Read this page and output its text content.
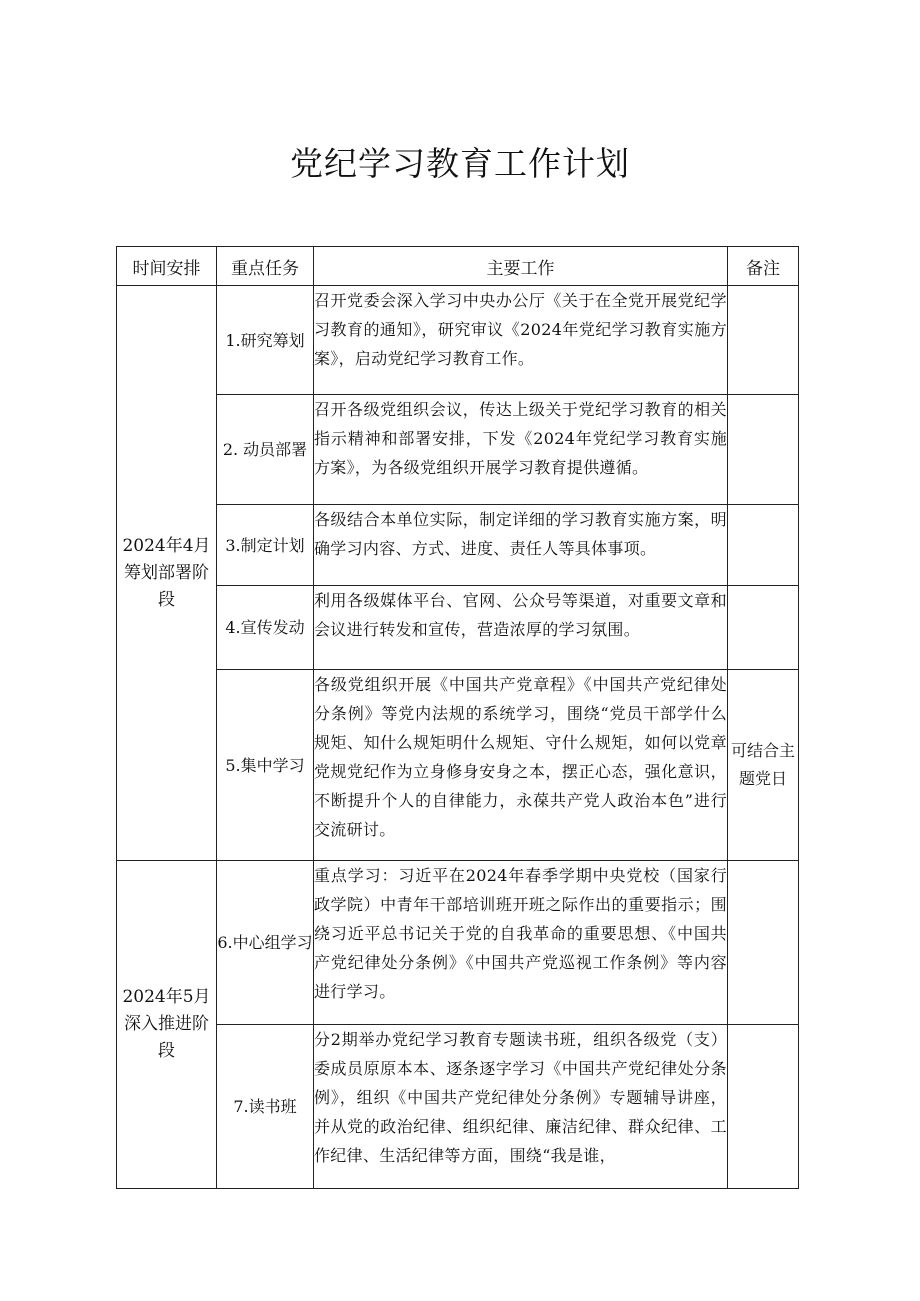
党纪学习教育工作计划
时间安排	重点任务	主要工作	备注
2024年4月筹划部署阶段	1.研究筹划	召开党委会深入学习中央办公厅《关于在全党开展党纪学习教育的通知》，研究审议《2024年党纪学习教育实施方案》，启动党纪学习教育工作。	
	2. 动员部署	召开各级党组织会议，传达上级关于党纪学习教育的相关指示精神和部署安排，下发《2024年党纪学习教育实施方案》，为各级党组织开展学习教育提供遵循。	
	3.制定计划	各级结合本单位实际，制定详细的学习教育实施方案，明确学习内容、方式、进度、责任人等具体事项。	
	4.宣传发动	利用各级媒体平台、官网、公众号等渠道，对重要文章和会议进行转发和宣传，营造浓厚的学习氛围。	
	5.集中学习	各级党组织开展《中国共产党章程》《中国共产党纪律处分条例》等党内法规的系统学习，围绕“党员干部学什么规矩、知什么规矩明什么规矩、守什么规矩，如何以党章党规党纪作为立身修身安身之本，摆正心态，强化意识，不断提升个人的自律能力，永葆共产党人政治本色”进行交流研讨。	可结合主题党日
2024年5月深入推进阶段	6.中心组学习	重点学习：习近平在2024年春季学期中央党校（国家行政学院）中青年干部培训班开班之际作出的重要指示；围绕习近平总书记关于党的自我革命的重要思想、《中国共产党纪律处分条例》《中国共产党巡视工作条例》等内容进行学习。	
	7.读书班	分2期举办党纪学习教育专题读书班，组织各级党（支）委成员原原本本、逐条逐字学习《中国共产党纪律处分条例》，组织《中国共产党纪律处分条例》专题辅导讲座，并从党的政治纪律、组织纪律、廉洁纪律、群众纪律、工作纪律、生活纪律等方面，围绕“我是谁，	
